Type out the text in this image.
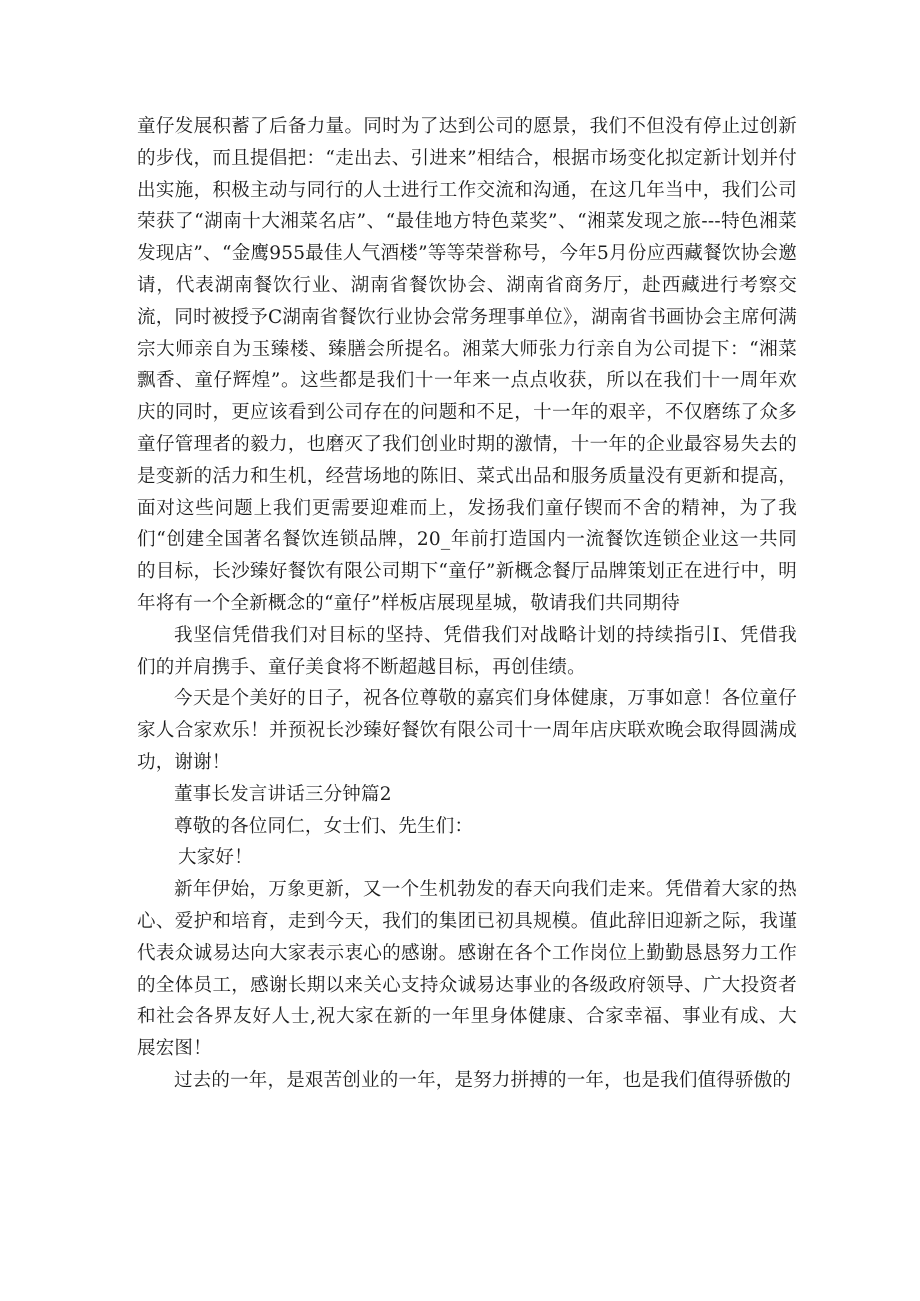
童仔发展积蓄了后备力量。同时为了达到公司的愿景，我们不但没有停止过创新的步伐，而且提倡把：“走出去、引进来”相结合，根据市场变化拟定新计划并付出实施，积极主动与同行的人士进行工作交流和沟通，在这几年当中，我们公司荣获了“湖南十大湘菜名店”、“最佳地方特色菜奖”、“湘菜发现之旅---特色湘菜发现店”、“金鹰955最佳人气酒楼”等等荣誉称号，今年5月份应西藏餐饮协会邀请，代表湖南餐饮行业、湖南省餐饮协会、湖南省商务厅，赴西藏进行考察交流，同时被授予C湖南省餐饮行业协会常务理事单位》，湖南省书画协会主席何满宗大师亲自为玉臻楼、臻膳会所提名。湘菜大师张力行亲自为公司提下：“湘菜飘香、童仔辉煌”。这些都是我们十一年来一点点收获，所以在我们十一周年欢庆的同时，更应该看到公司存在的问题和不足，十一年的艰辛，不仅磨练了众多童仔管理者的毅力，也磨灭了我们创业时期的激情，十一年的企业最容易失去的是变新的活力和生机，经营场地的陈旧、菜式出品和服务质量没有更新和提高，面对这些问题上我们更需要迎难而上，发扬我们童仔锲而不舍的精神，为了我们“创建全国著名餐饮连锁品牌，20_年前打造国内一流餐饮连锁企业这一共同的目标，长沙臻好餐饮有限公司期下“童仔”新概念餐厅品牌策划正在进行中，明年将有一个全新概念的“童仔”样板店展现星城，敬请我们共同期待

我坚信凭借我们对目标的坚持、凭借我们对战略计划的持续指引I、凭借我们的并肩携手、童仔美食将不断超越目标，再创佳绩。

今天是个美好的日子，祝各位尊敬的嘉宾们身体健康，万事如意！各位童仔家人合家欢乐！并预祝长沙臻好餐饮有限公司十一周年店庆联欢晚会取得圆满成功，谢谢！

董事长发言讲话三分钟篇2

尊敬的各位同仁，女士们、先生们：

大家好！

新年伊始，万象更新，又一个生机勃发的春天向我们走来。凭借着大家的热心、爱护和培育，走到今天，我们的集团已初具规模。值此辞旧迎新之际，我谨代表众诚易达向大家表示衷心的感谢。感谢在各个工作岗位上勤勤恳恳努力工作的全体员工，感谢长期以来关心支持众诚易达事业的各级政府领导、广大投资者和社会各界友好人士,祝大家在新的一年里身体健康、合家幸福、事业有成、大展宏图！

过去的一年，是艰苦创业的一年，是努力拼搏的一年，也是我们值得骄傲的
